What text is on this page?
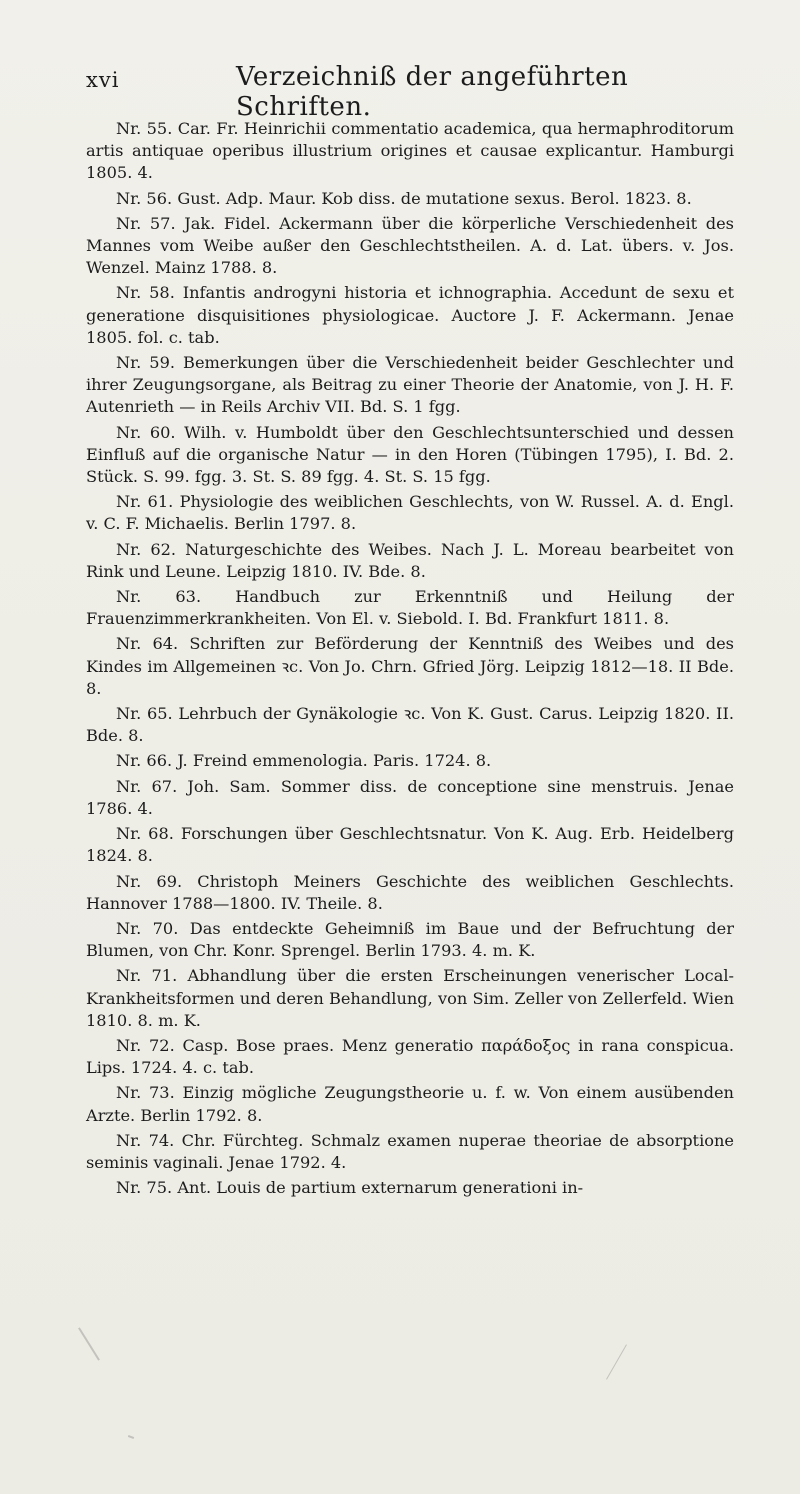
xvi	Verzeichniß der angeführten Schriften.

Nr. 55. Car. Fr. Heinrichii commentatio academica, qua hermaphroditorum artis antiquae operibus illustrium origines et causae explicantur. Hamburgi 1805. 4.

Nr. 56. Gust. Adp. Maur. Kob diss. de mutatione sexus. Berol. 1823. 8.

Nr. 57. Jak. Fidel. Ackermann über die körperliche Verschiedenheit des Mannes vom Weibe außer den Geschlechtstheilen. A. d. Lat. übers. v. Jos. Wenzel. Mainz 1788. 8.

Nr. 58. Infantis androgyni historia et ichnographia. Accedunt de sexu et generatione disquisitiones physiologicae. Auctore J. F. Ackermann. Jenae 1805. fol. c. tab.

Nr. 59. Bemerkungen über die Verschiedenheit beider Geschlechter und ihrer Zeugungsorgane, als Beitrag zu einer Theorie der Anatomie, von J. H. F. Autenrieth — in Reils Archiv VII. Bd. S. 1 fgg.

Nr. 60. Wilh. v. Humboldt über den Geschlechtsunterschied und dessen Einfluß auf die organische Natur — in den Horen (Tübingen 1795), I. Bd. 2. Stück. S. 99. fgg. 3. St. S. 89 fgg. 4. St. S. 15 fgg.

Nr. 61. Physiologie des weiblichen Geschlechts, von W. Russel. A. d. Engl. v. C. F. Michaelis. Berlin 1797. 8.

Nr. 62. Naturgeschichte des Weibes. Nach J. L. Moreau bearbeitet von Rink und Leune. Leipzig 1810. IV. Bde. 8.

Nr. 63. Handbuch zur Erkenntniß und Heilung der Frauenzimmerkrankheiten. Von El. v. Siebold. I. Bd. Frankfurt 1811. 8.

Nr. 64. Schriften zur Beförderung der Kenntniß des Weibes und des Kindes im Allgemeinen ꝛc. Von Jo. Chrn. Gfried Jörg. Leipzig 1812—18. II Bde. 8.

Nr. 65. Lehrbuch der Gynäkologie ꝛc. Von K. Gust. Carus. Leipzig 1820. II. Bde. 8.

Nr. 66. J. Freind emmenologia. Paris. 1724. 8.

Nr. 67. Joh. Sam. Sommer diss. de conceptione sine menstruis. Jenae 1786. 4.

Nr. 68. Forschungen über Geschlechtsnatur. Von K. Aug. Erb. Heidelberg 1824. 8.

Nr. 69. Christoph Meiners Geschichte des weiblichen Geschlechts. Hannover 1788—1800. IV. Theile. 8.

Nr. 70. Das entdeckte Geheimniß im Baue und der Befruchtung der Blumen, von Chr. Konr. Sprengel. Berlin 1793. 4. m. K.

Nr. 71. Abhandlung über die ersten Erscheinungen venerischer Local-Krankheitsformen und deren Behandlung, von Sim. Zeller von Zellerfeld. Wien 1810. 8. m. K.

Nr. 72. Casp. Bose praes. Menz generatio παράδοξος in rana conspicua. Lips. 1724. 4. c. tab.

Nr. 73. Einzig mögliche Zeugungstheorie u. f. w. Von einem ausübenden Arzte. Berlin 1792. 8.

Nr. 74. Chr. Fürchteg. Schmalz examen nuperae theoriae de absorptione seminis vaginali. Jenae 1792. 4.

Nr. 75. Ant. Louis de partium externarum generationi in-
